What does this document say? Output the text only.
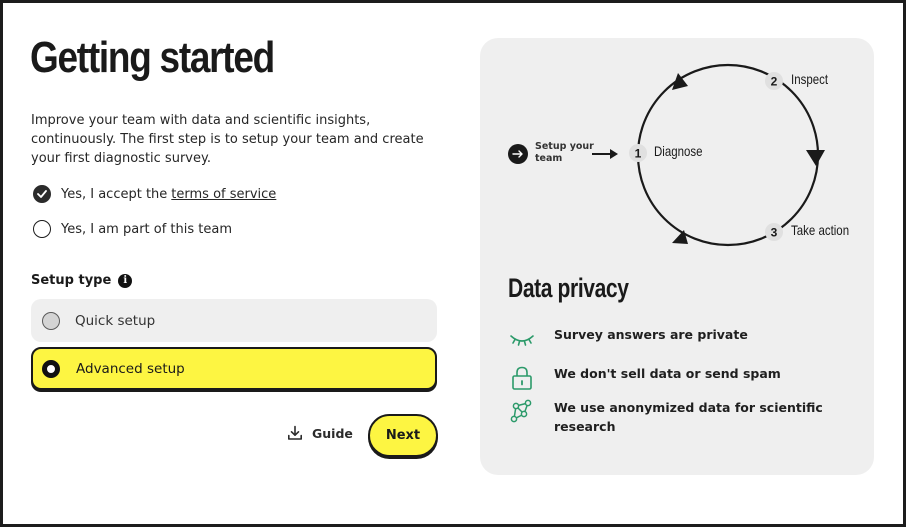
Getting started
Improve your team with data and scientific insights, continuously. The first step is to setup your team and create your first diagnostic survey.
Yes, I accept the terms of service
Yes, I am part of this team
Setup type	i
Quick setup
Advanced setup
Guide	Next
1
2
3
Setup your team	Diagnose
Inspect
Take action
Data privacy
Survey answers are private
We don't sell data or send spam
We use anonymized data for scientific research
